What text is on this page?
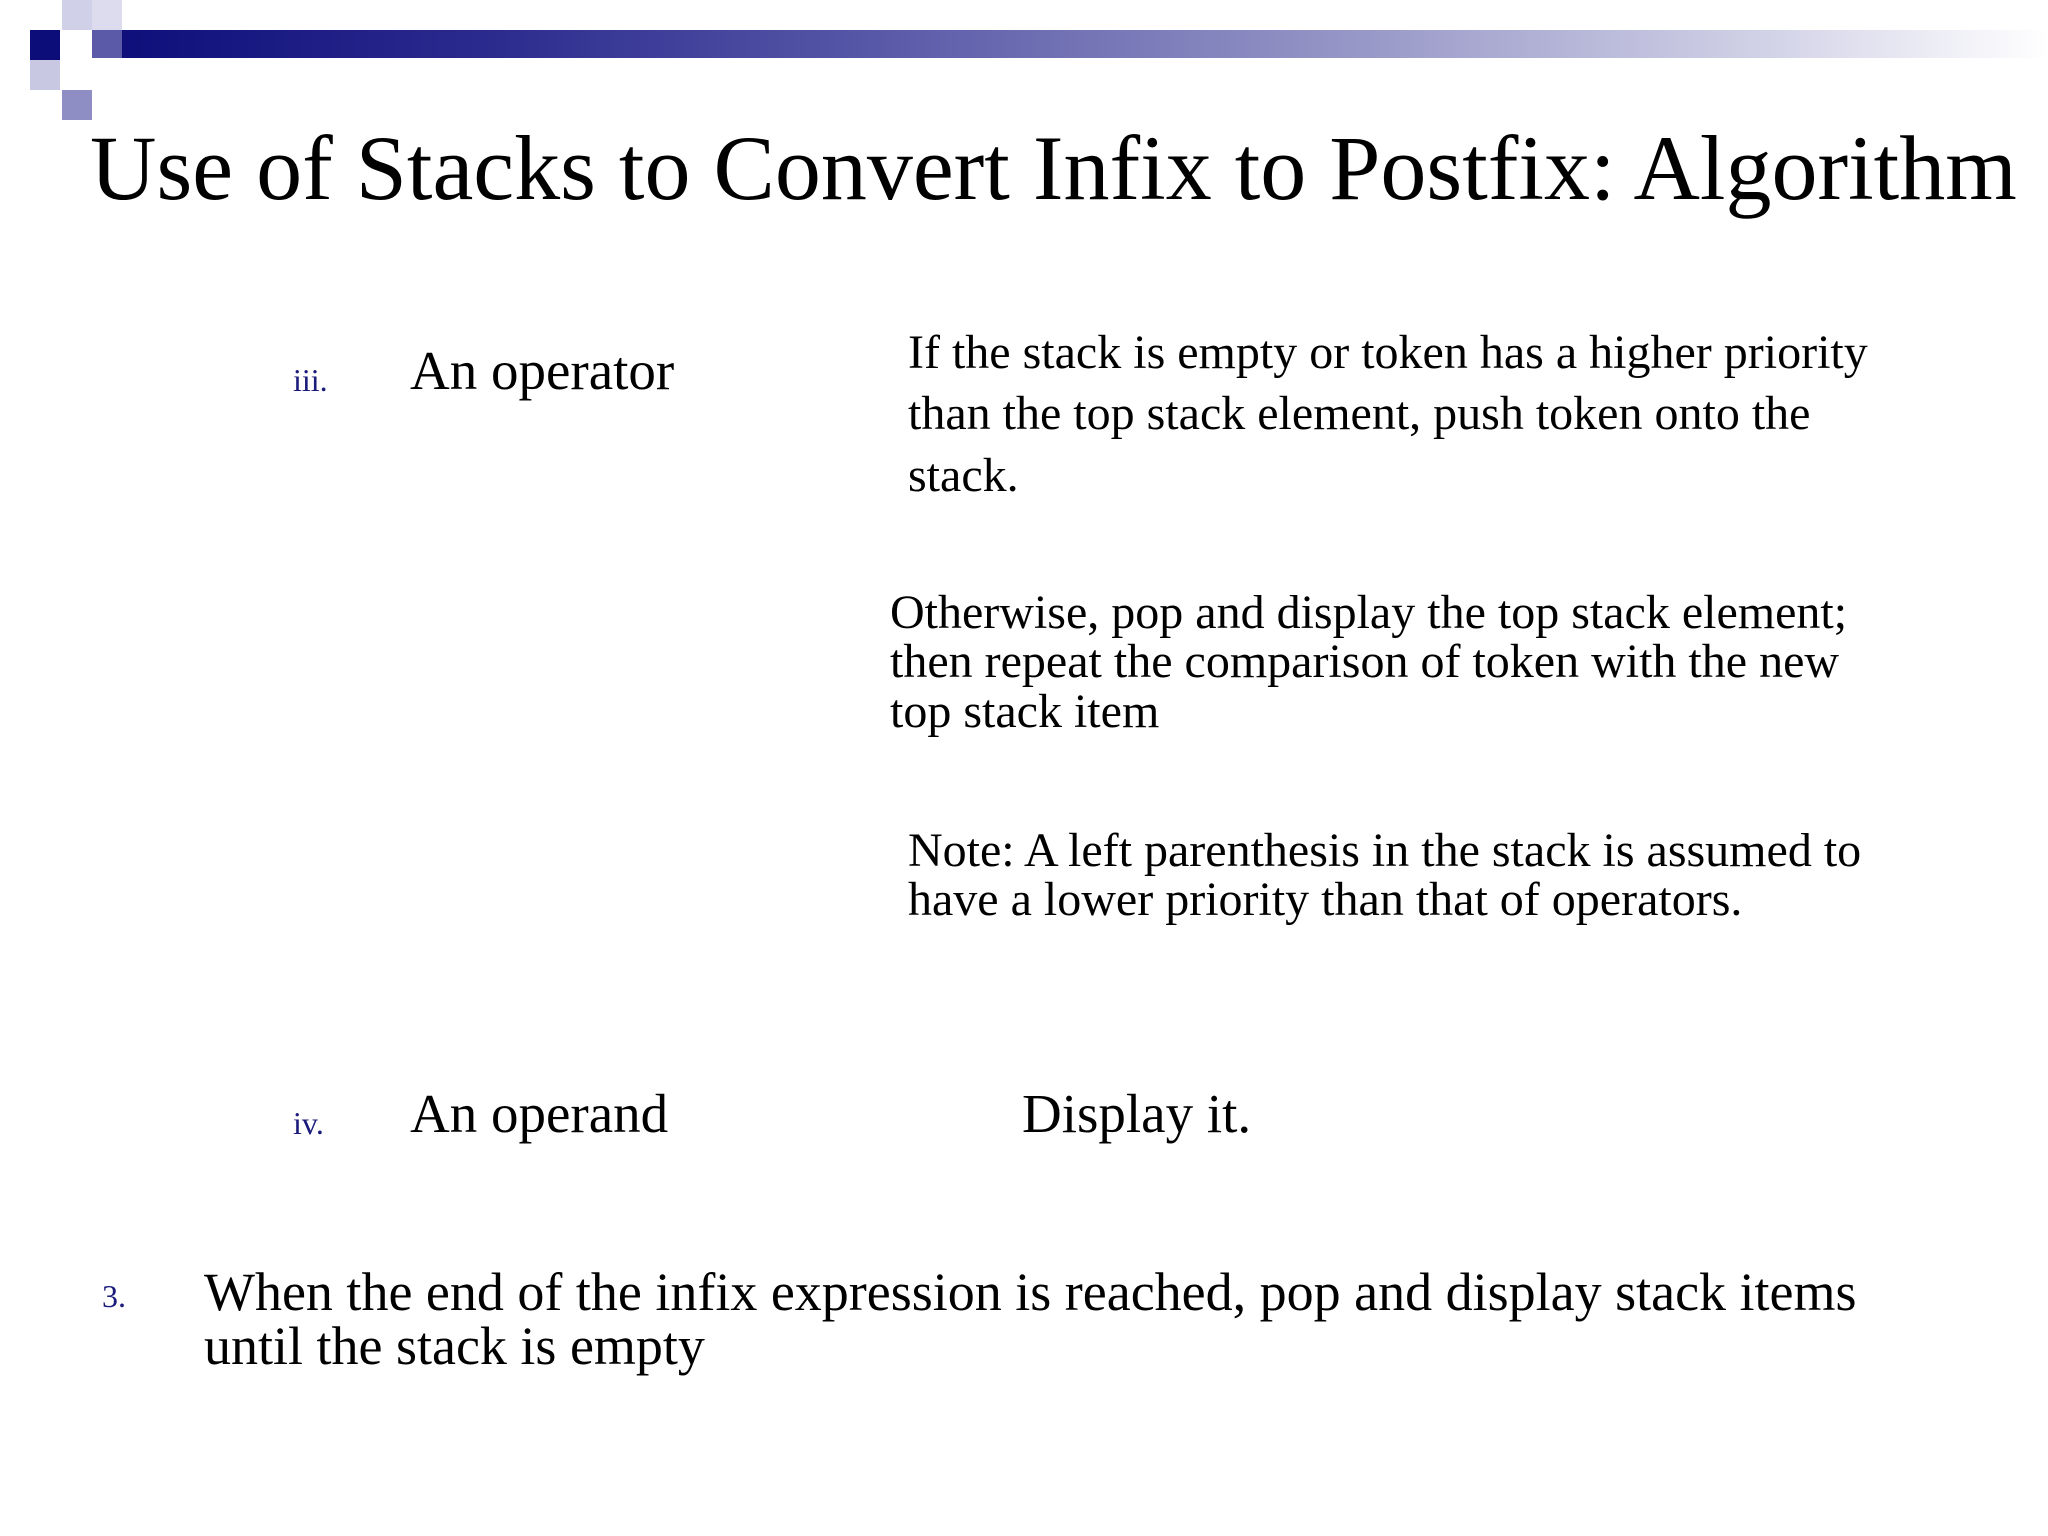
Use of Stacks to Convert Infix to Postfix: Algorithm
iii. An operator	If the stack is empty or token has a higher priority
than the top stack element, push token onto the
stack.
Otherwise, pop and display the top stack element;
then repeat the comparison of token with the new
top stack item
Note: A left parenthesis in the stack is assumed to
have a lower priority than that of operators.
iv. An operand	Display it.
3. When the end of the infix expression is reached, pop and display stack items
until the stack is empty
